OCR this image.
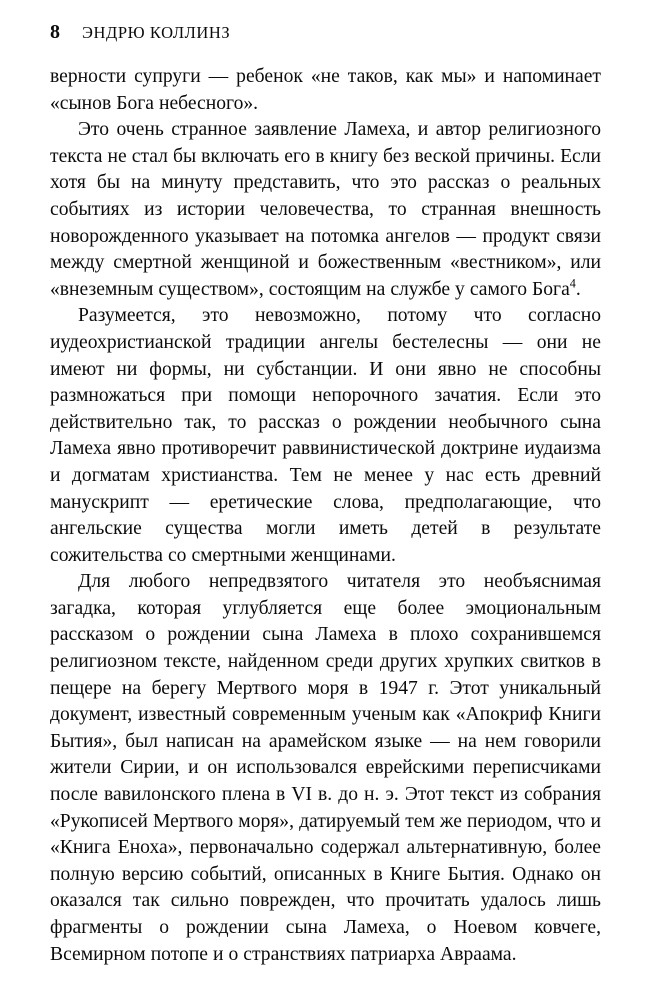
8 ЭНДРЮ КОЛЛИНЗ

верности супруги — ребенок «не таков, как мы» и напоминает «сынов Бога небесного».

Это очень странное заявление Ламеха, и автор религиозного текста не стал бы включать его в книгу без веской причины. Если хотя бы на минуту представить, что это рассказ о реальных событиях из истории человечества, то странная внешность новорожденного указывает на потомка ангелов — продукт связи между смертной женщиной и божественным «вестником», или «внеземным существом», состоящим на службе у самого Бога$^4$.

Разумеется, это невозможно, потому что согласно иудеохристианской традиции ангелы бестелесны — они не имеют ни формы, ни субстанции. И они явно не способны размножаться при помощи непорочного зачатия. Если это действительно так, то рассказ о рождении необычного сына Ламеха явно противоречит раввинистической доктрине иудаизма и догматам христианства. Тем не менее у нас есть древний манускрипт — еретические слова, предполагающие, что ангельские существа могли иметь детей в результате сожительства со смертными женщинами.

Для любого непредвзятого читателя это необъяснимая загадка, которая углубляется еще более эмоциональным рассказом о рождении сына Ламеха в плохо сохранившемся религиозном тексте, найденном среди других хрупких свитков в пещере на берегу Мертвого моря в 1947 г. Этот уникальный документ, известный современным ученым как «Апокриф Книги Бытия», был написан на арамейском языке — на нем говорили жители Сирии, и он использовался еврейскими переписчиками после вавилонского плена в VI в. до н. э. Этот текст из собрания «Рукописей Мертвого моря», датируемый тем же периодом, что и «Книга Еноха», первоначально содержал альтернативную, более полную версию событий, описанных в Книге Бытия. Однако он оказался так сильно поврежден, что прочитать удалось лишь фрагменты о рождении сына Ламеха, о Ноевом ковчеге, Всемирном потопе и о странствиях патриарха Авраама.
